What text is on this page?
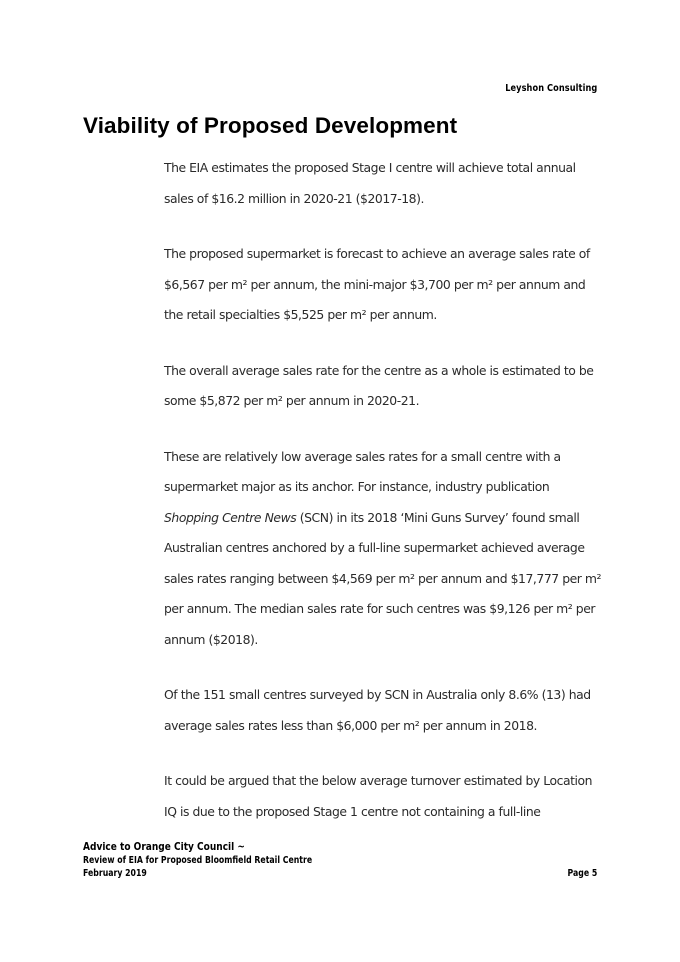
Leyshon Consulting
Viability of Proposed Development

The EIA estimates the proposed Stage I centre will achieve total annual sales of $16.2 million in 2020-21 ($2017-18).

The proposed supermarket is forecast to achieve an average sales rate of $6,567 per m² per annum, the mini-major $3,700 per m² per annum and the retail specialties $5,525 per m² per annum.

The overall average sales rate for the centre as a whole is estimated to be some $5,872 per m² per annum in 2020-21.

These are relatively low average sales rates for a small centre with a supermarket major as its anchor. For instance, industry publication Shopping Centre News (SCN) in its 2018 ‘Mini Guns Survey’ found small Australian centres anchored by a full-line supermarket achieved average sales rates ranging between $4,569 per m² per annum and $17,777 per m² per annum. The median sales rate for such centres was $9,126 per m² per annum ($2018).

Of the 151 small centres surveyed by SCN in Australia only 8.6% (13) had average sales rates less than $6,000 per m² per annum in 2018.

It could be argued that the below average turnover estimated by Location IQ is due to the proposed Stage 1 centre not containing a full-line

Advice to Orange City Council ~
Review of EIA for Proposed Bloomfield Retail Centre
February 2019	Page 5
